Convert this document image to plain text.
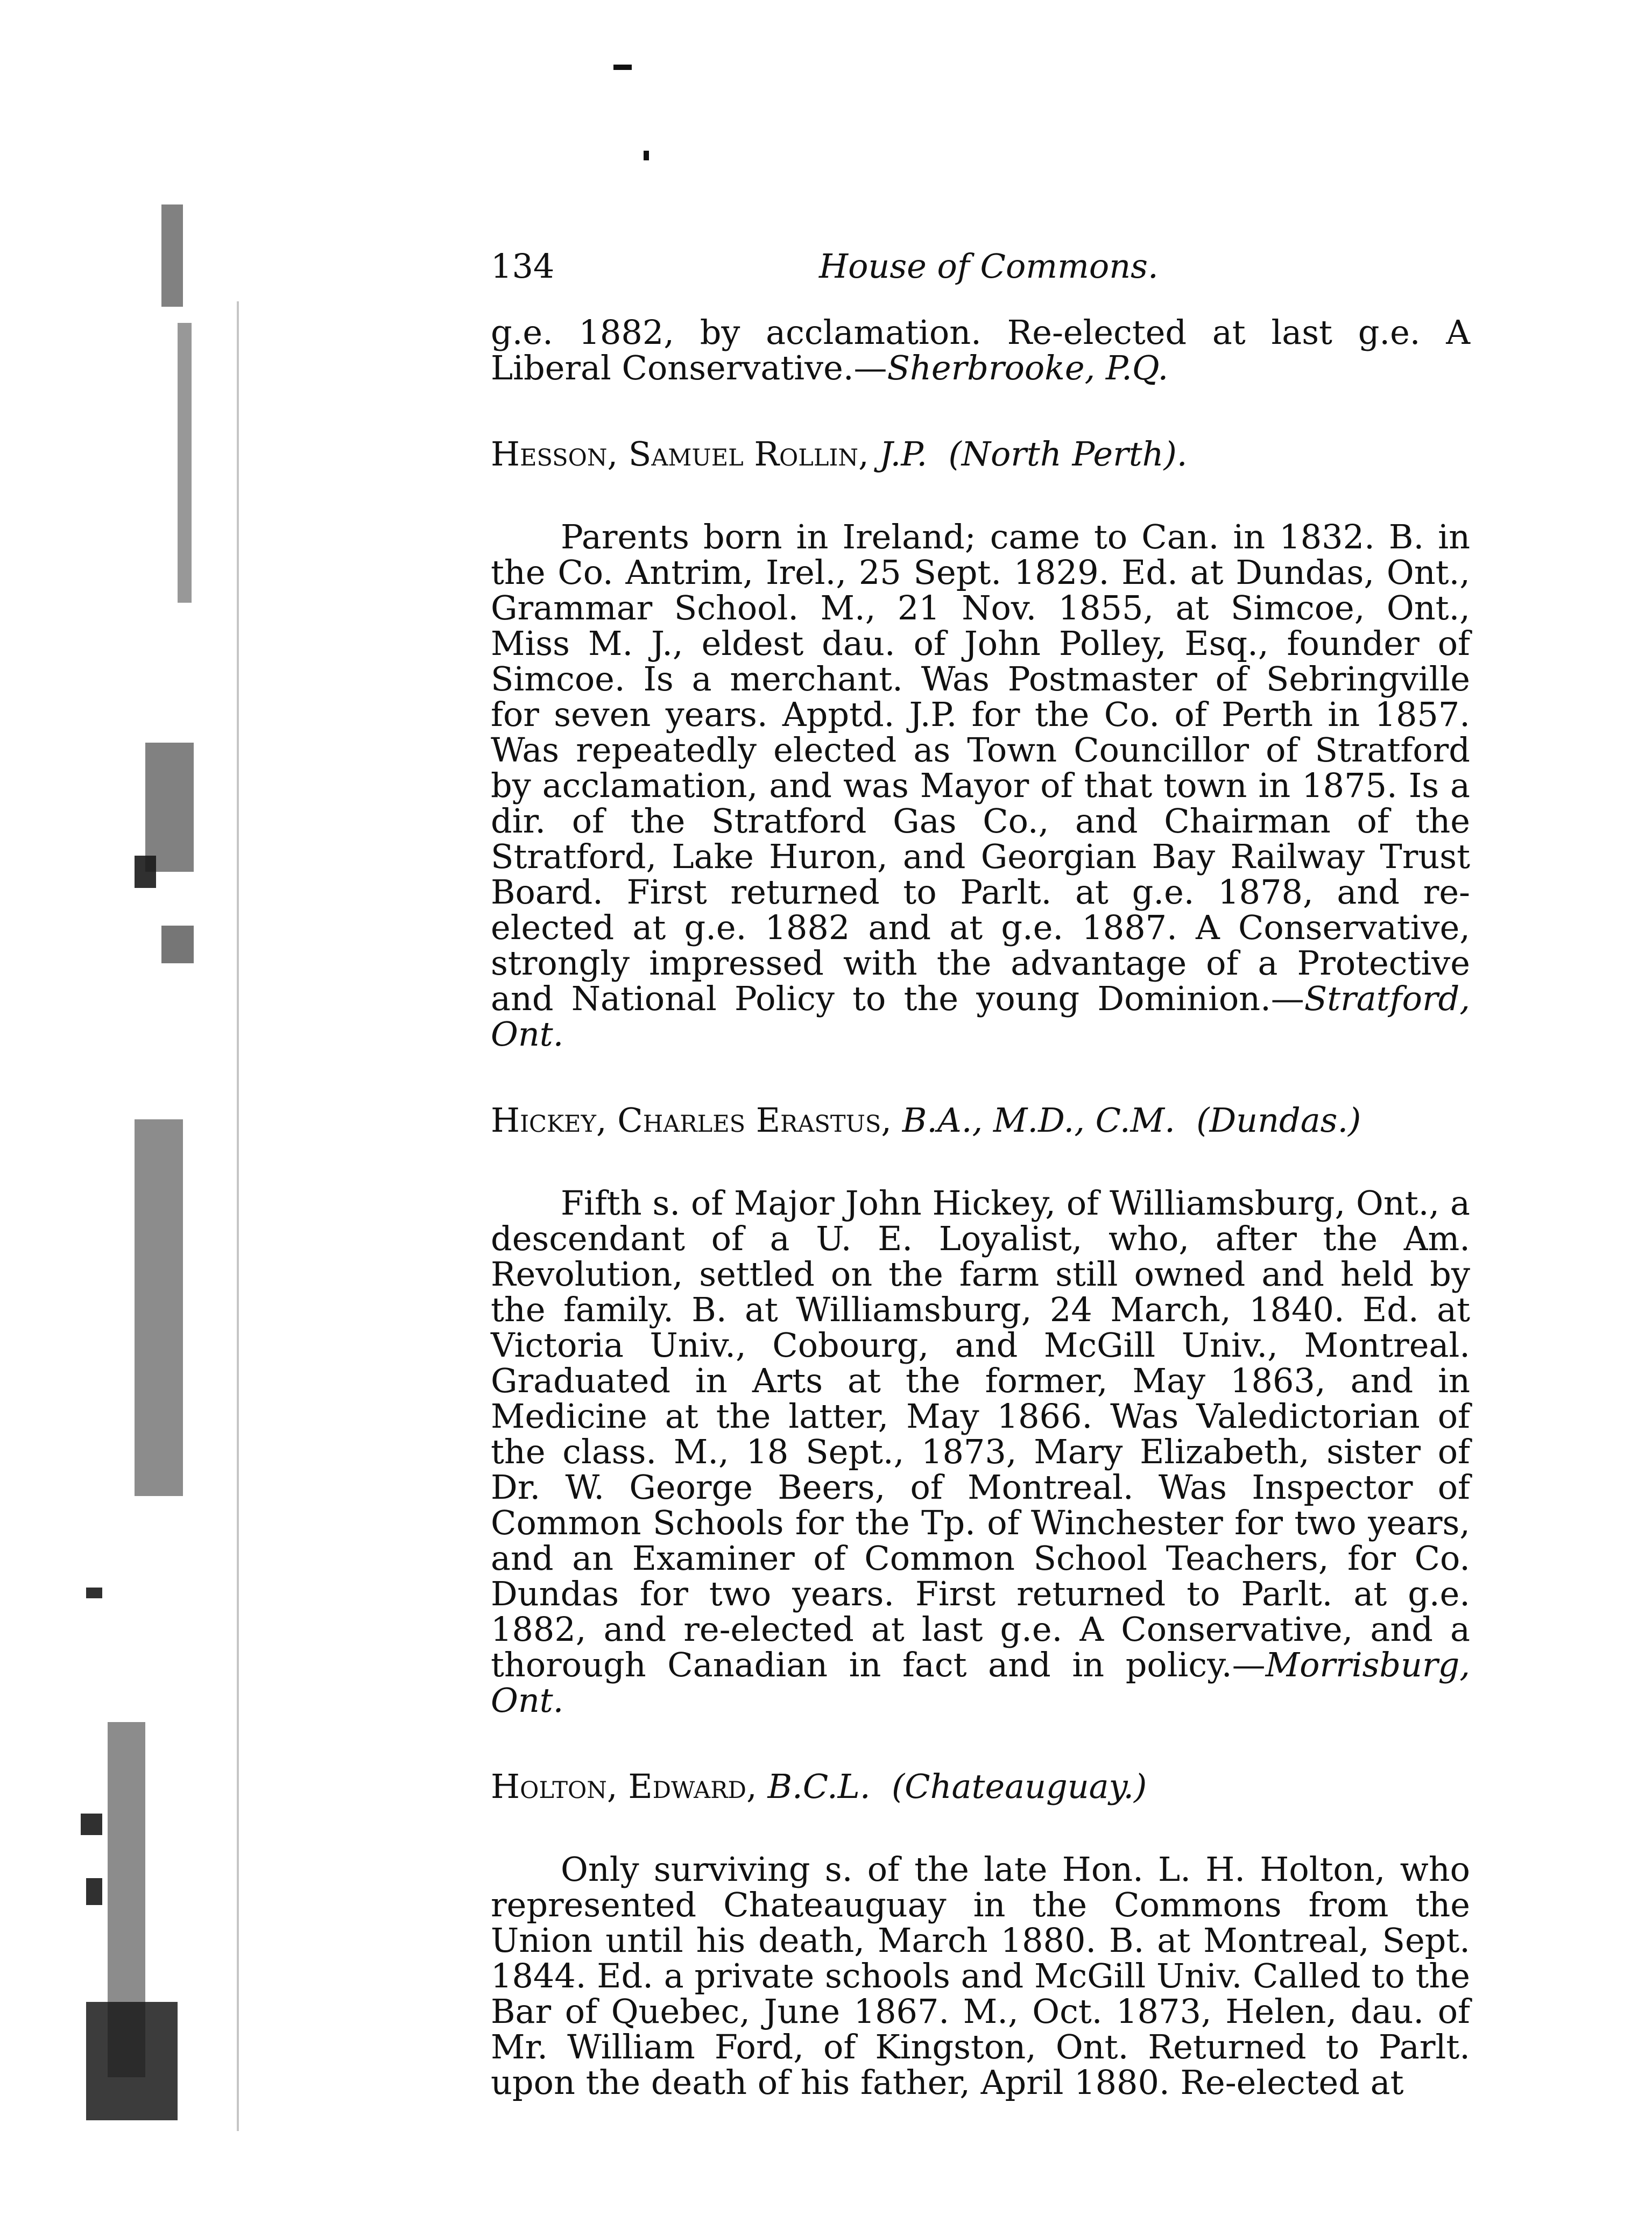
134	House of Commons.

g.e. 1882, by acclamation. Re-elected at last g.e. A Liberal Conservative.—Sherbrooke, P.Q.

Hesson, Samuel Rollin, J.P. (North Perth).

Parents born in Ireland; came to Can. in 1832. B. in the Co. Antrim, Irel., 25 Sept. 1829. Ed. at Dundas, Ont., Grammar School. M., 21 Nov. 1855, at Simcoe, Ont., Miss M. J., eldest dau. of John Polley, Esq., founder of Simcoe. Is a merchant. Was Postmaster of Sebringville for seven years. Apptd. J.P. for the Co. of Perth in 1857. Was repeatedly elected as Town Councillor of Stratford by acclamation, and was Mayor of that town in 1875. Is a dir. of the Stratford Gas Co., and Chairman of the Stratford, Lake Huron, and Georgian Bay Railway Trust Board. First returned to Parlt. at g.e. 1878, and re-elected at g.e. 1882 and at g.e. 1887. A Conservative, strongly impressed with the advantage of a Protective and National Policy to the young Dominion.—Stratford, Ont.

Hickey, Charles Erastus, B.A., M.D., C.M. (Dundas.)

Fifth s. of Major John Hickey, of Williamsburg, Ont., a descendant of a U. E. Loyalist, who, after the Am. Revolution, settled on the farm still owned and held by the family. B. at Williamsburg, 24 March, 1840. Ed. at Victoria Univ., Cobourg, and McGill Univ., Montreal. Graduated in Arts at the former, May 1863, and in Medicine at the latter, May 1866. Was Valedictorian of the class. M., 18 Sept., 1873, Mary Elizabeth, sister of Dr. W. George Beers, of Montreal. Was Inspector of Common Schools for the Tp. of Winchester for two years, and an Examiner of Common School Teachers, for Co. Dundas for two years. First returned to Parlt. at g.e. 1882, and re-elected at last g.e. A Conservative, and a thorough Canadian in fact and in policy.—Morrisburg, Ont.

Holton, Edward, B.C.L. (Chateauguay.)

Only surviving s. of the late Hon. L. H. Holton, who represented Chateauguay in the Commons from the Union until his death, March 1880. B. at Montreal, Sept. 1844. Ed. a private schools and McGill Univ. Called to the Bar of Quebec, June 1867. M., Oct. 1873, Helen, dau. of Mr. William Ford, of Kingston, Ont. Returned to Parlt. upon the death of his father, April 1880. Re-elected at
